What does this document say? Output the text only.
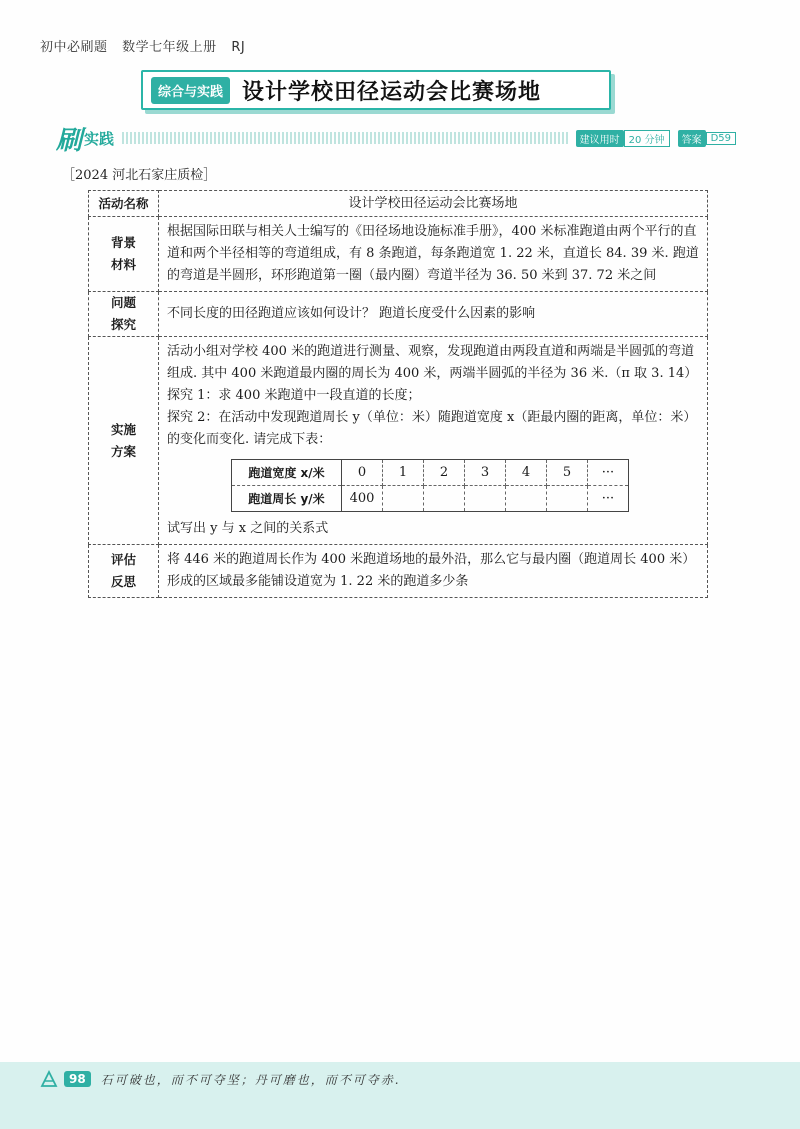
初中必刷题 数学七年级上册 RJ
综合与实践 设计学校田径运动会比赛场地
刷 实践	建议用时 20 分钟	答案 D59
［2024 河北石家庄质检］
活动名称	设计学校田径运动会比赛场地

背景
材料
	根据国际田联与相关人士编写的《田径场地设施标准手册》，400 米标准跑道由两个平行的直道和两个半径相等的弯道组成，有 8 条跑道，每条跑道宽 1. 22 米，直道长 84. 39 米. 跑道的弯道是半圆形，环形跑道第一圈（最内圈）弯道半径为 36. 50 米到 37. 72 米之间

问题
探究
	不同长度的田径跑道应该如何设计？ 跑道长度受什么因素的影响

实施
方案

活动小组对学校 400 米的跑道进行测量、观察，发现跑道由两段直道和两端是半圆弧的弯道组成. 其中 400 米跑道最内圈的周长为 400 米，两端半圆弧的半径为 36 米.（π 取 3. 14）
探究 1：求 400 米跑道中一段直道的长度；
探究 2：在活动中发现跑道周长 y（单位：米）随跑道宽度 x（距最内圈的距离，单位：米）的变化而变化. 请完成下表：
跑道宽度 x/米	0	1	2	3	4	5	···
跑道周长 y/米	400						···
试写出 y 与 x 之间的关系式

评估
反思
	将 446 米的跑道周长作为 400 米跑道场地的最外沿，那么它与最内圈（跑道周长 400 米）形成的区域最多能铺设道宽为 1. 22 米的跑道多少条
98	石可破也，而不可夺坚；丹可磨也，而不可夺赤.
